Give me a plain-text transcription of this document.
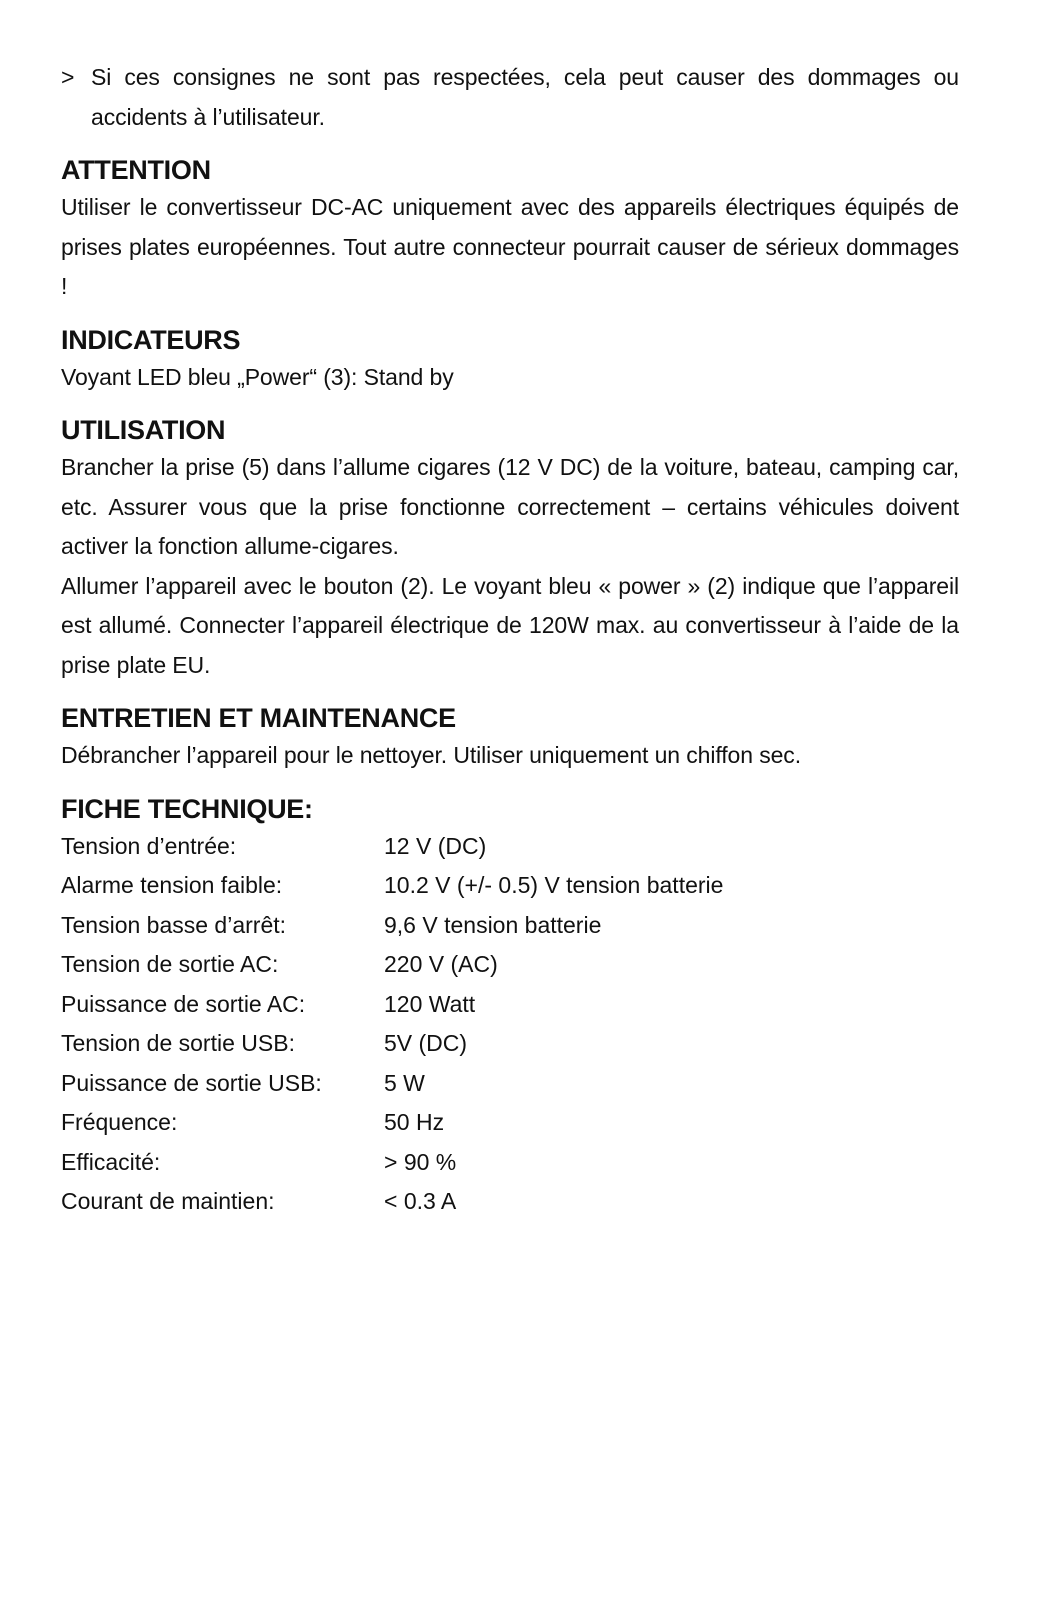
> Si ces consignes ne sont pas respectées, cela peut causer des dommages ou accidents à l’utilisateur.
ATTENTION

Utiliser le convertisseur DC-AC uniquement avec des appareils électriques équipés de prises plates européennes. Tout autre connecteur pourrait causer de sérieux dommages !

INDICATEURS

Voyant LED bleu „Power“ (3): Stand by

UTILISATION

Brancher la prise (5) dans l’allume cigares (12 V DC) de la voiture, bateau, camping car, etc. Assurer vous que la prise fonctionne correctement – certains véhicules doivent activer la fonction allume-cigares.

Allumer l’appareil avec le bouton (2). Le voyant bleu « power » (2) indique que l’appareil est allumé. Connecter l’appareil électrique de 120W max. au convertisseur à l’aide de la prise plate EU.

ENTRETIEN ET MAINTENANCE

Débrancher l’appareil pour le nettoyer. Utiliser uniquement un chiffon sec.

FICHE TECHNIQUE:
Tension d’entrée:	12 V (DC)
Alarme tension faible:	10.2 V (+/- 0.5) V tension batterie
Tension basse d’arrêt:	9,6 V tension batterie
Tension de sortie AC:	220 V (AC)
Puissance de sortie AC:	120 Watt
Tension de sortie USB:	5V (DC)
Puissance de sortie USB:	5 W
Fréquence:	50 Hz
Efficacité:	> 90 %
Courant de maintien:	< 0.3 A
